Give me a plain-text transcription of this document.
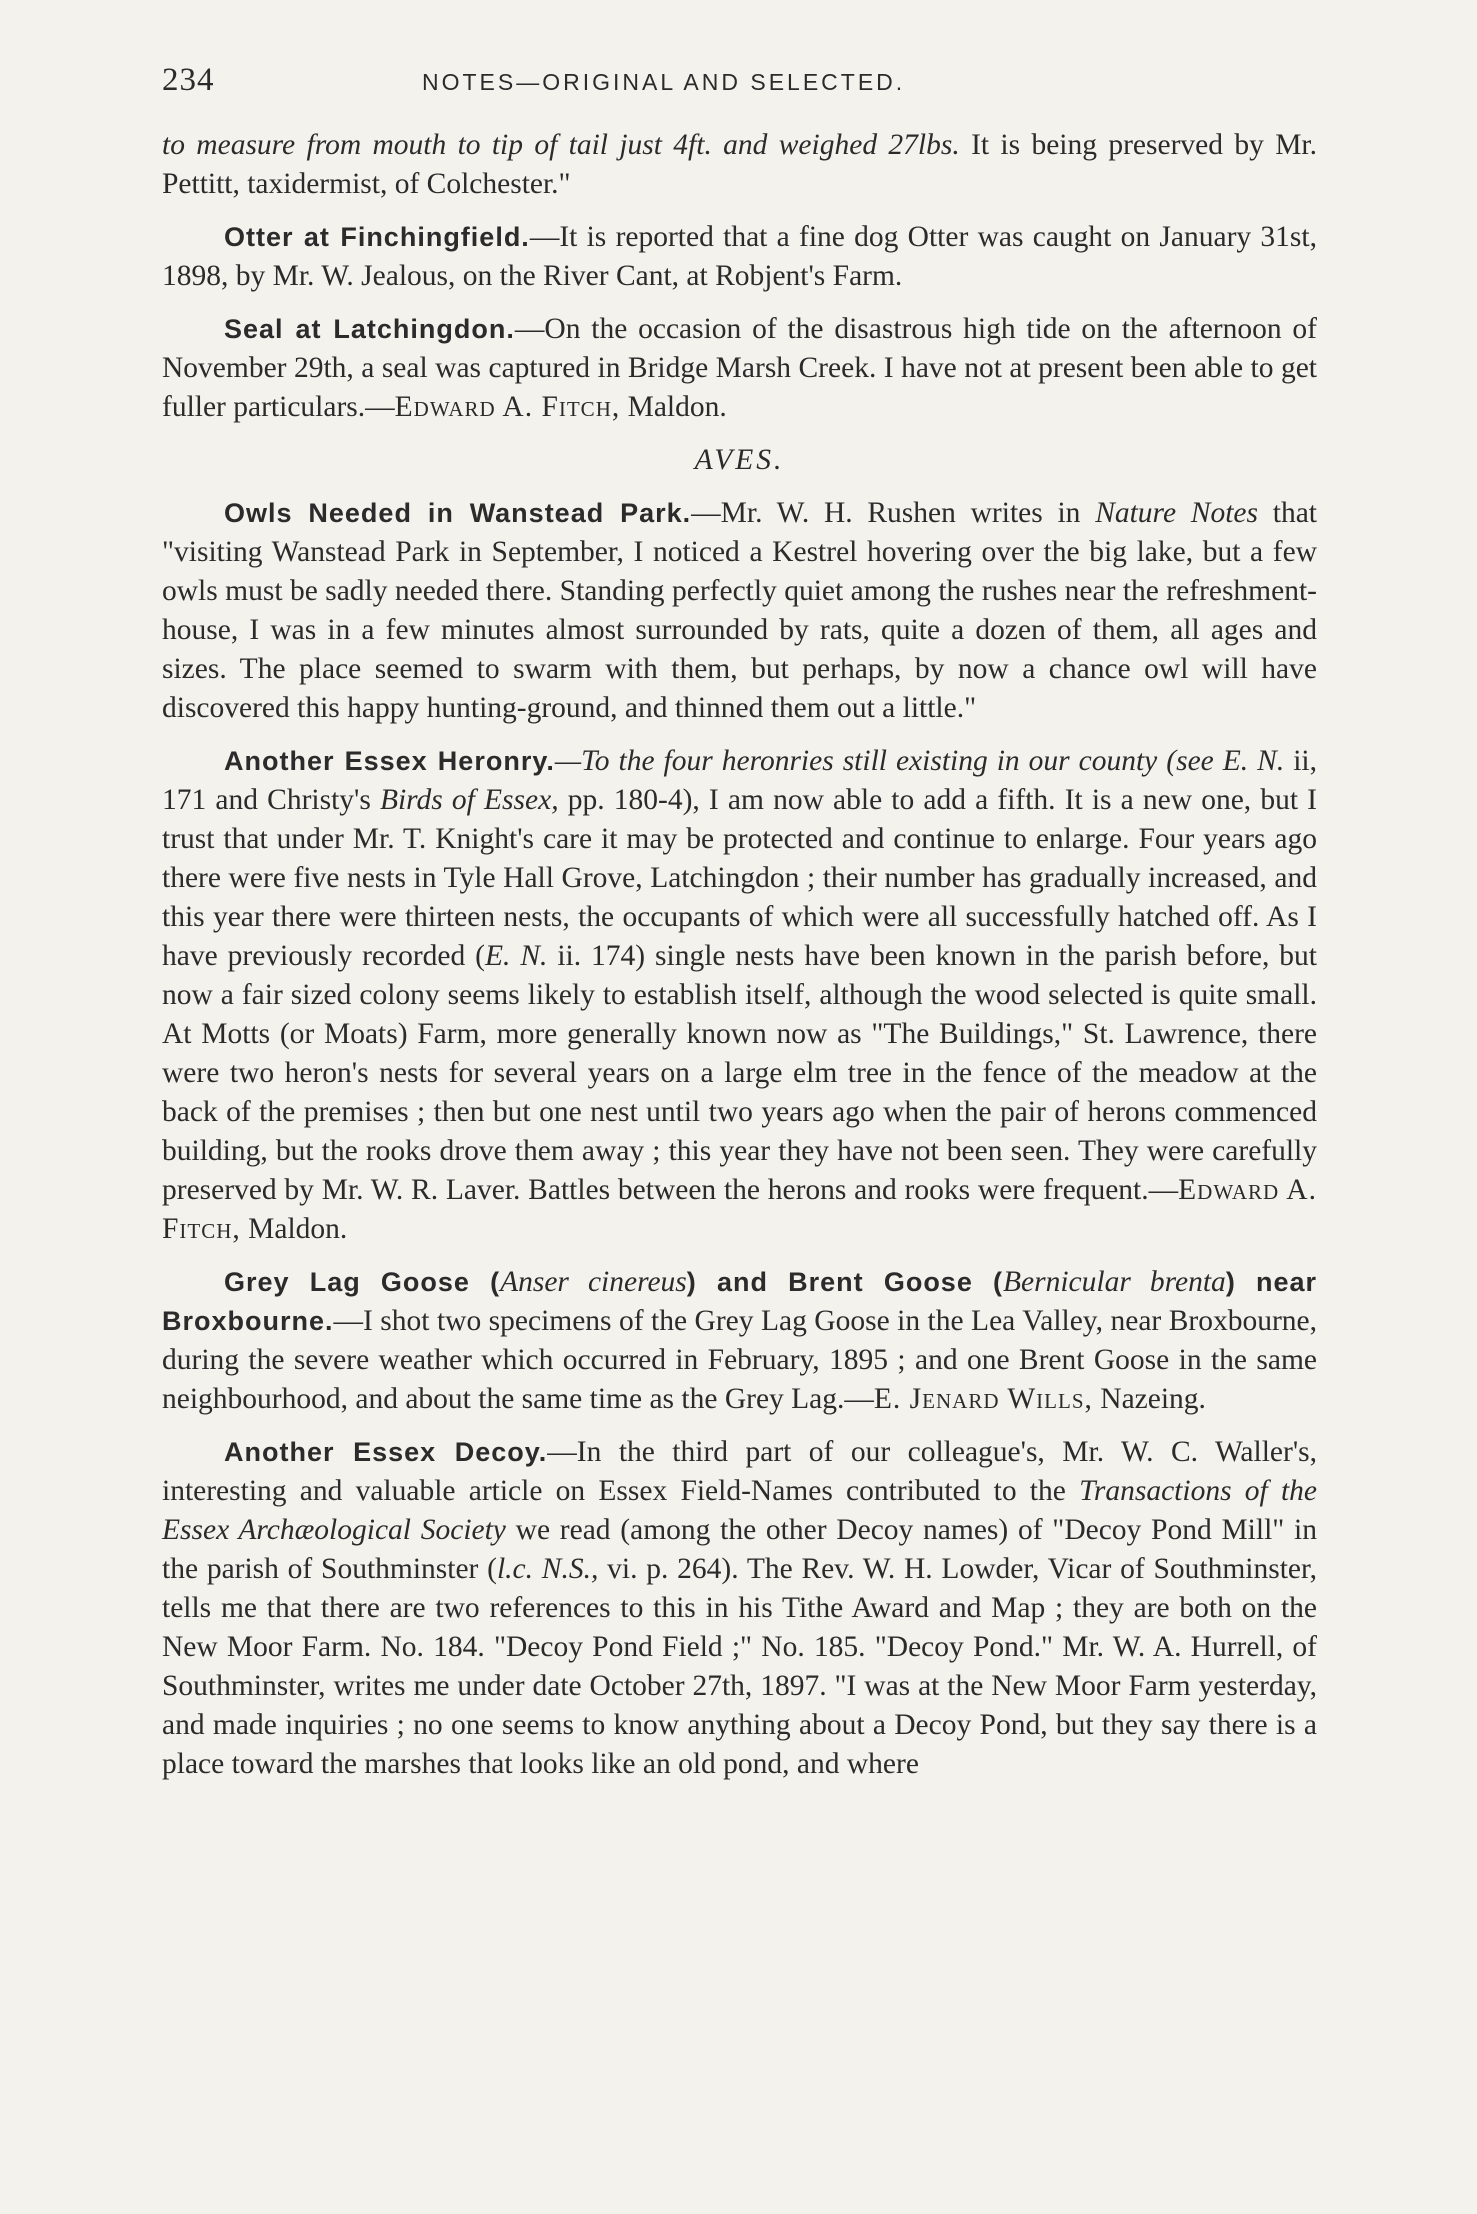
234	NOTES—ORIGINAL AND SELECTED.

to measure from mouth to tip of tail just 4ft. and weighed 27lbs. It is being preserved by Mr. Pettitt, taxidermist, of Colchester."

Otter at Finchingfield.—It is reported that a fine dog Otter was caught on January 31st, 1898, by Mr. W. Jealous, on the River Cant, at Robjent's Farm.

Seal at Latchingdon.—On the occasion of the disastrous high tide on the afternoon of November 29th, a seal was captured in Bridge Marsh Creek. I have not at present been able to get fuller particulars.—Edward A. Fitch, Maldon.

AVES.

Owls Needed in Wanstead Park.—Mr. W. H. Rushen writes in Nature Notes that "visiting Wanstead Park in September, I noticed a Kestrel hovering over the big lake, but a few owls must be sadly needed there. Standing perfectly quiet among the rushes near the refreshment-house, I was in a few minutes almost surrounded by rats, quite a dozen of them, all ages and sizes. The place seemed to swarm with them, but perhaps, by now a chance owl will have discovered this happy hunting-ground, and thinned them out a little."

Another Essex Heronry.—To the four heronries still existing in our county (see E. N. ii, 171 and Christy's Birds of Essex, pp. 180-4), I am now able to add a fifth. It is a new one, but I trust that under Mr. T. Knight's care it may be protected and continue to enlarge. Four years ago there were five nests in Tyle Hall Grove, Latchingdon ; their number has gradually increased, and this year there were thirteen nests, the occupants of which were all successfully hatched off. As I have previously recorded (E. N. ii. 174) single nests have been known in the parish before, but now a fair sized colony seems likely to establish itself, although the wood selected is quite small. At Motts (or Moats) Farm, more generally known now as "The Buildings," St. Lawrence, there were two heron's nests for several years on a large elm tree in the fence of the meadow at the back of the premises ; then but one nest until two years ago when the pair of herons commenced building, but the rooks drove them away ; this year they have not been seen. They were carefully preserved by Mr. W. R. Laver. Battles between the herons and rooks were frequent.—Edward A. Fitch, Maldon.

Grey Lag Goose (Anser cinereus) and Brent Goose (Bernicular brenta) near Broxbourne.—I shot two specimens of the Grey Lag Goose in the Lea Valley, near Broxbourne, during the severe weather which occurred in February, 1895 ; and one Brent Goose in the same neighbourhood, and about the same time as the Grey Lag.—E. Jenard Wills, Nazeing.

Another Essex Decoy.—In the third part of our colleague's, Mr. W. C. Waller's, interesting and valuable article on Essex Field-Names contributed to the Transactions of the Essex Archæological Society we read (among the other Decoy names) of "Decoy Pond Mill" in the parish of Southminster (l.c. N.S., vi. p. 264). The Rev. W. H. Lowder, Vicar of Southminster, tells me that there are two references to this in his Tithe Award and Map ; they are both on the New Moor Farm. No. 184. "Decoy Pond Field ;" No. 185. "Decoy Pond." Mr. W. A. Hurrell, of Southminster, writes me under date October 27th, 1897. "I was at the New Moor Farm yesterday, and made inquiries ; no one seems to know anything about a Decoy Pond, but they say there is a place toward the marshes that looks like an old pond, and where
